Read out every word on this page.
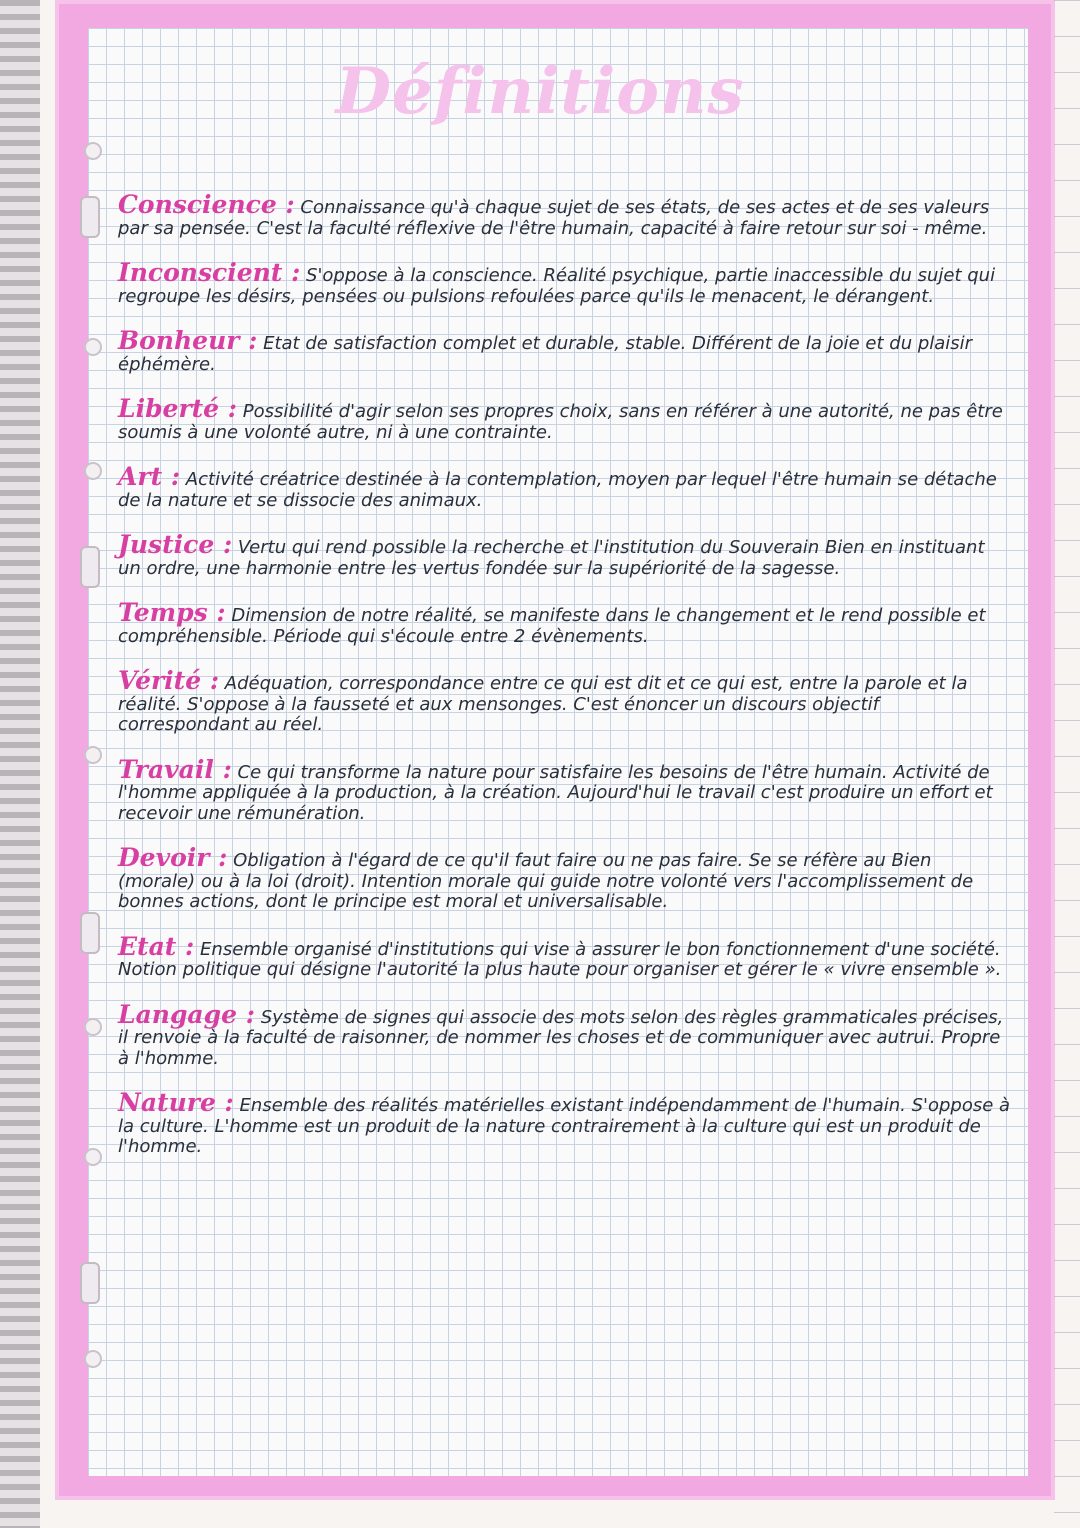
Définitions
Conscience : Connaissance qu'à chaque sujet de ses états, de ses actes et de ses valeurs par sa pensée. C'est la faculté réflexive de l'être humain, capacité à faire retour sur soi - même.
Inconscient : S'oppose à la conscience. Réalité psychique, partie inaccessible du sujet qui regroupe les désirs, pensées ou pulsions refoulées parce qu'ils le menacent, le dérangent.
Bonheur : Etat de satisfaction complet et durable, stable. Différent de la joie et du plaisir éphémère.
Liberté : Possibilité d'agir selon ses propres choix, sans en référer à une autorité, ne pas être soumis à une volonté autre, ni à une contrainte.
Art : Activité créatrice destinée à la contemplation, moyen par lequel l'être humain se détache de la nature et se dissocie des animaux.
Justice : Vertu qui rend possible la recherche et l'institution du Souverain Bien en instituant un ordre, une harmonie entre les vertus fondée sur la supériorité de la sagesse.
Temps : Dimension de notre réalité, se manifeste dans le changement et le rend possible et compréhensible. Période qui s'écoule entre 2 évènements.
Vérité : Adéquation, correspondance entre ce qui est dit et ce qui est, entre la parole et la réalité. S'oppose à la fausseté et aux mensonges. C'est énoncer un discours objectif correspondant au réel.
Travail : Ce qui transforme la nature pour satisfaire les besoins de l'être humain. Activité de l'homme appliquée à la production, à la création. Aujourd'hui le travail c'est produire un effort et recevoir une rémunération.
Devoir : Obligation à l'égard de ce qu'il faut faire ou ne pas faire. Se se réfère au Bien (morale) ou à la loi (droit). Intention morale qui guide notre volonté vers l'accomplissement de bonnes actions, dont le principe est moral et universalisable.
Etat : Ensemble organisé d'institutions qui vise à assurer le bon fonctionnement d'une société. Notion politique qui désigne l'autorité la plus haute pour organiser et gérer le « vivre ensemble ».
Langage : Système de signes qui associe des mots selon des règles grammaticales précises, il renvoie à la faculté de raisonner, de nommer les choses et de communiquer avec autrui. Propre à l'homme.
Nature : Ensemble des réalités matérielles existant indépendamment de l'humain. S'oppose à la culture. L'homme est un produit de la nature contrairement à la culture qui est un produit de l'homme.
